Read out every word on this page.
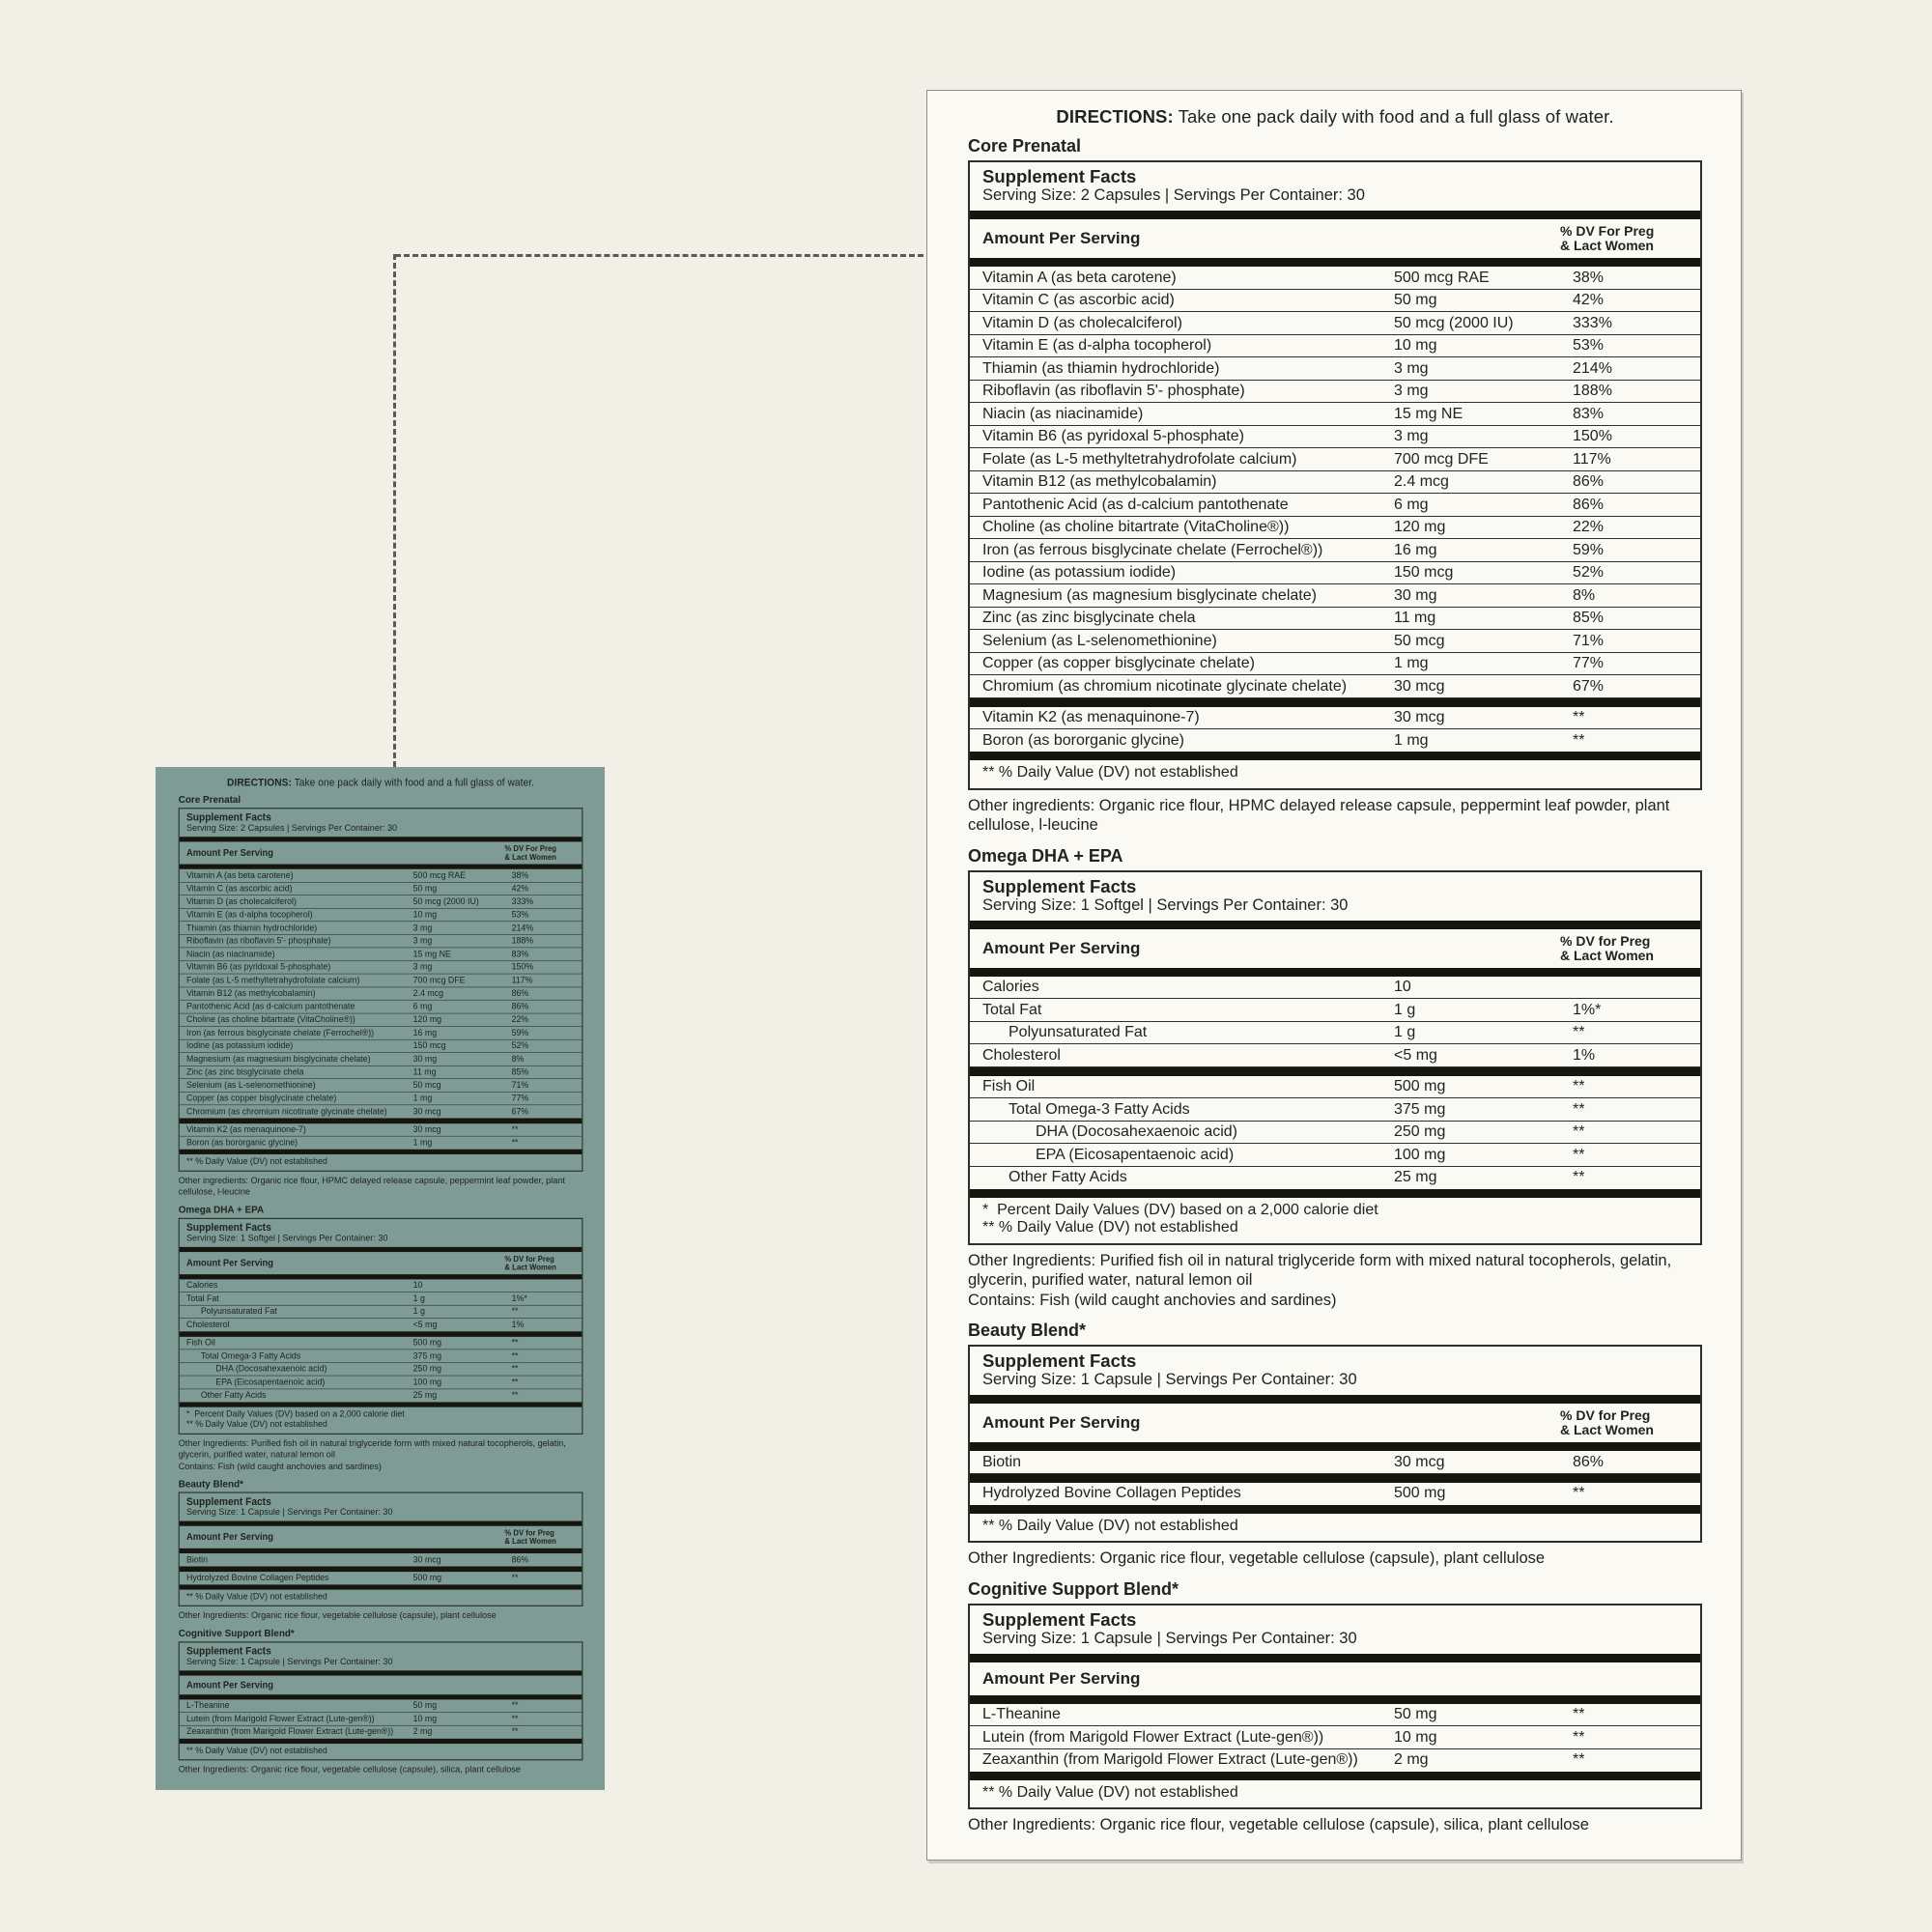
DIRECTIONS: Take one pack daily with food and a full glass of water.
Core Prenatal
Supplement Facts
Serving Size: 2 Capsules | Servings Per Container: 30
Amount Per Serving	% DV For Preg
& Lact Women
Vitamin A (as beta carotene)	500 mcg RAE	38%
Vitamin C (as ascorbic acid)	50 mg	42%
Vitamin D (as cholecalciferol)	50 mcg (2000 IU)	333%
Vitamin E (as d-alpha tocopherol)	10 mg	53%
Thiamin (as thiamin hydrochloride)	3 mg	214%
Riboflavin (as riboflavin 5'- phosphate)	3 mg	188%
Niacin (as niacinamide)	15 mg NE	83%
Vitamin B6 (as pyridoxal 5-phosphate)	3 mg	150%
Folate (as L-5 methyltetrahydrofolate calcium)	700 mcg DFE	117%
Vitamin B12 (as methylcobalamin)	2.4 mcg	86%
Pantothenic Acid (as d-calcium pantothenate	6 mg	86%
Choline (as choline bitartrate (VitaCholine®))	120 mg	22%
Iron (as ferrous bisglycinate chelate (Ferrochel®))	16 mg	59%
Iodine (as potassium iodide)	150 mcg	52%
Magnesium (as magnesium bisglycinate chelate)	30 mg	8%
Zinc (as zinc bisglycinate chela	11 mg	85%
Selenium (as L-selenomethionine)	50 mcg	71%
Copper (as copper bisglycinate chelate)	1 mg	77%
Chromium (as chromium nicotinate glycinate chelate)	30 mcg	67%
Vitamin K2 (as menaquinone-7)	30 mcg	**
Boron (as bororganic glycine)	1 mg	**
** % Daily Value (DV) not established
Other ingredients: Organic rice flour, HPMC delayed release capsule, peppermint leaf powder, plant cellulose, l-leucine
Omega DHA + EPA
Supplement Facts
Serving Size: 1 Softgel | Servings Per Container: 30
Amount Per Serving	% DV for Preg
& Lact Women
Calories	10
Total Fat	1 g	1%*
Polyunsaturated Fat	1 g	**
Cholesterol	<5 mg	1%
Fish Oil	500 mg	**
Total Omega-3 Fatty Acids	375 mg	**
DHA (Docosahexaenoic acid)	250 mg	**
EPA (Eicosapentaenoic acid)	100 mg	**
Other Fatty Acids	25 mg	**
*  Percent Daily Values (DV) based on a 2,000 calorie diet
** % Daily Value (DV) not established
Other Ingredients: Purified fish oil in natural triglyceride form with mixed natural tocopherols, gelatin, glycerin, purified water, natural lemon oil
Contains: Fish (wild caught anchovies and sardines)
Beauty Blend*
Supplement Facts
Serving Size: 1 Capsule | Servings Per Container: 30
Amount Per Serving	% DV for Preg
& Lact Women
Biotin	30 mcg	86%
Hydrolyzed Bovine Collagen Peptides	500 mg	**
** % Daily Value (DV) not established
Other Ingredients: Organic rice flour, vegetable cellulose (capsule), plant cellulose
Cognitive Support Blend*
Supplement Facts
Serving Size: 1 Capsule | Servings Per Container: 30
Amount Per Serving
L-Theanine	50 mg	**
Lutein (from Marigold Flower Extract (Lute-gen®))	10 mg	**
Zeaxanthin (from Marigold Flower Extract (Lute-gen®))	2 mg	**
** % Daily Value (DV) not established
Other Ingredients: Organic rice flour, vegetable cellulose (capsule), silica, plant cellulose
DIRECTIONS: Take one pack daily with food and a full glass of water.
Core Prenatal
Supplement Facts
Serving Size: 2 Capsules | Servings Per Container: 30
Amount Per Serving	% DV For Preg
& Lact Women
Vitamin A (as beta carotene)	500 mcg RAE	38%
Vitamin C (as ascorbic acid)	50 mg	42%
Vitamin D (as cholecalciferol)	50 mcg (2000 IU)	333%
Vitamin E (as d-alpha tocopherol)	10 mg	53%
Thiamin (as thiamin hydrochloride)	3 mg	214%
Riboflavin (as riboflavin 5'- phosphate)	3 mg	188%
Niacin (as niacinamide)	15 mg NE	83%
Vitamin B6 (as pyridoxal 5-phosphate)	3 mg	150%
Folate (as L-5 methyltetrahydrofolate calcium)	700 mcg DFE	117%
Vitamin B12 (as methylcobalamin)	2.4 mcg	86%
Pantothenic Acid (as d-calcium pantothenate	6 mg	86%
Choline (as choline bitartrate (VitaCholine®))	120 mg	22%
Iron (as ferrous bisglycinate chelate (Ferrochel®))	16 mg	59%
Iodine (as potassium iodide)	150 mcg	52%
Magnesium (as magnesium bisglycinate chelate)	30 mg	8%
Zinc (as zinc bisglycinate chela	11 mg	85%
Selenium (as L-selenomethionine)	50 mcg	71%
Copper (as copper bisglycinate chelate)	1 mg	77%
Chromium (as chromium nicotinate glycinate chelate)	30 mcg	67%
Vitamin K2 (as menaquinone-7)	30 mcg	**
Boron (as bororganic glycine)	1 mg	**
** % Daily Value (DV) not established
Other ingredients: Organic rice flour, HPMC delayed release capsule, peppermint leaf powder, plant cellulose, l-leucine
Omega DHA + EPA
Supplement Facts
Serving Size: 1 Softgel | Servings Per Container: 30
Amount Per Serving	% DV for Preg
& Lact Women
Calories	10
Total Fat	1 g	1%*
Polyunsaturated Fat	1 g	**
Cholesterol	<5 mg	1%
Fish Oil	500 mg	**
Total Omega-3 Fatty Acids	375 mg	**
DHA (Docosahexaenoic acid)	250 mg	**
EPA (Eicosapentaenoic acid)	100 mg	**
Other Fatty Acids	25 mg	**
*  Percent Daily Values (DV) based on a 2,000 calorie diet
** % Daily Value (DV) not established
Other Ingredients: Purified fish oil in natural triglyceride form with mixed natural tocopherols, gelatin, glycerin, purified water, natural lemon oil
Contains: Fish (wild caught anchovies and sardines)
Beauty Blend*
Supplement Facts
Serving Size: 1 Capsule | Servings Per Container: 30
Amount Per Serving	% DV for Preg
& Lact Women
Biotin	30 mcg	86%
Hydrolyzed Bovine Collagen Peptides	500 mg	**
** % Daily Value (DV) not established
Other Ingredients: Organic rice flour, vegetable cellulose (capsule), plant cellulose
Cognitive Support Blend*
Supplement Facts
Serving Size: 1 Capsule | Servings Per Container: 30
Amount Per Serving
L-Theanine	50 mg	**
Lutein (from Marigold Flower Extract (Lute-gen®))	10 mg	**
Zeaxanthin (from Marigold Flower Extract (Lute-gen®))	2 mg	**
** % Daily Value (DV) not established
Other Ingredients: Organic rice flour, vegetable cellulose (capsule), silica, plant cellulose
